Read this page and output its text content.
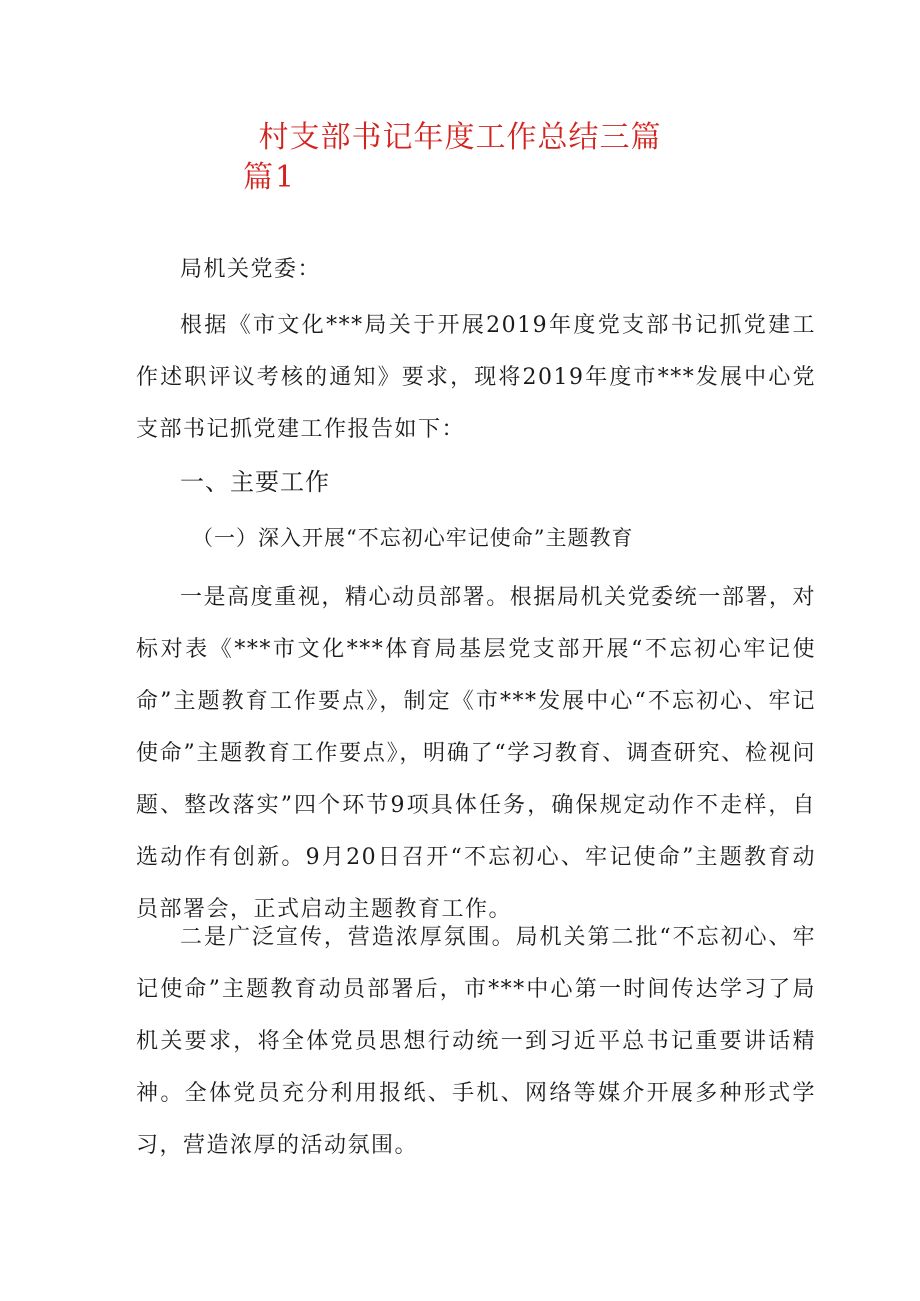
村支部书记年度工作总结三篇
篇1

局机关党委：

根据《市文化***局关于开展2019年度党支部书记抓党建工作述职评议考核的通知》要求，现将2019年度市***发展中心党支部书记抓党建工作报告如下：

一、主要工作

（一）深入开展“不忘初心牢记使命”主题教育

一是高度重视，精心动员部署。根据局机关党委统一部署，对标对表《***市文化***体育局基层党支部开展“不忘初心牢记使命”主题教育工作要点》，制定《市***发展中心“不忘初心、牢记使命”主题教育工作要点》，明确了“学习教育、调查研究、检视问题、整改落实”四个环节9项具体任务，确保规定动作不走样，自选动作有创新。9月20日召开“不忘初心、牢记使命”主题教育动员部署会，正式启动主题教育工作。

二是广泛宣传，营造浓厚氛围。局机关第二批“不忘初心、牢记使命”主题教育动员部署后，市***中心第一时间传达学习了局机关要求，将全体党员思想行动统一到习近平总书记重要讲话精神。全体党员充分利用报纸、手机、网络等媒介开展多种形式学习，营造浓厚的活动氛围。
